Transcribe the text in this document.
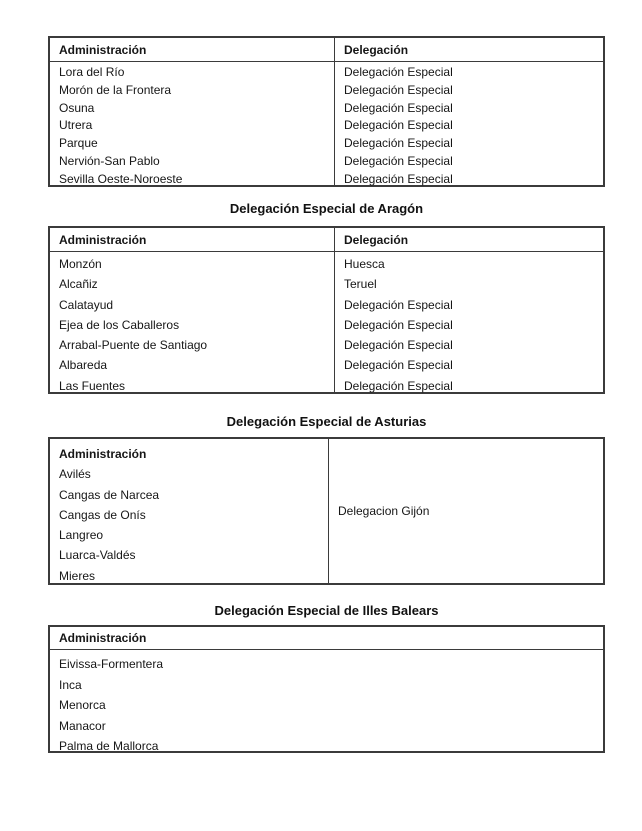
Administración	Delegación
Lora del Río
Morón de la Frontera
Osuna
Utrera
Parque
Nervión-San Pablo
Sevilla Oeste-Noroeste
Delegación Especial
Delegación Especial
Delegación Especial
Delegación Especial
Delegación Especial
Delegación Especial
Delegación Especial
Delegación Especial de Aragón
Administración	Delegación
Monzón
Alcañiz
Calatayud
Ejea de los Caballeros
Arrabal-Puente de Santiago
Albareda
Las Fuentes
Huesca
Teruel
Delegación Especial
Delegación Especial
Delegación Especial
Delegación Especial
Delegación Especial
Delegación Especial de Asturias
Administración
Avilés
Cangas de Narcea
Cangas de Onís
Langreo
Luarca-Valdés
Mieres
Delegacion Gijón
Delegación Especial de Illes Balears
Administración
Eivissa-Formentera
Inca
Menorca
Manacor
Palma de Mallorca
